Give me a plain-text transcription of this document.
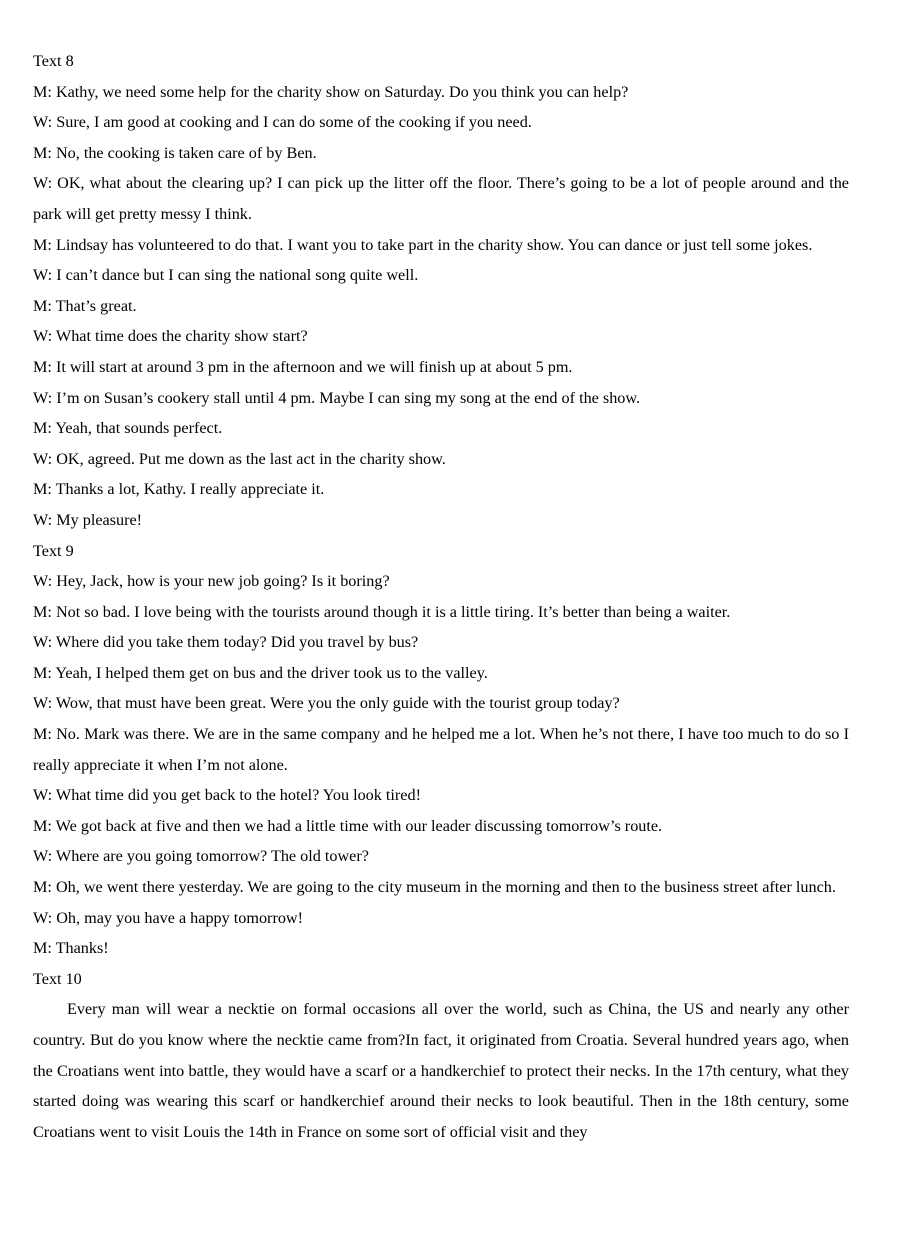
Text 8
M: Kathy, we need some help for the charity show on Saturday. Do you think you can help?
W: Sure, I am good at cooking and I can do some of the cooking if you need.
M: No, the cooking is taken care of by Ben.
W: OK, what about the clearing up? I can pick up the litter off the floor. There’s going to be a lot of people around and the park will get pretty messy I think.
M: Lindsay has volunteered to do that. I want you to take part in the charity show. You can dance or just tell some jokes.
W: I can’t dance but I can sing the national song quite well.
M: That’s great.
W: What time does the charity show start?
M: It will start at around 3 pm in the afternoon and we will finish up at about 5 pm.
W: I’m on Susan’s cookery stall until 4 pm. Maybe I can sing my song at the end of the show.
M: Yeah, that sounds perfect.
W: OK, agreed. Put me down as the last act in the charity show.
M: Thanks a lot, Kathy. I really appreciate it.
W: My pleasure!
Text 9
W: Hey, Jack, how is your new job going? Is it boring?
M: Not so bad. I love being with the tourists around though it is a little tiring. It’s better than being a waiter.
W: Where did you take them today? Did you travel by bus?
M: Yeah, I helped them get on bus and the driver took us to the valley.
W: Wow, that must have been great. Were you the only guide with the tourist group today?
M: No. Mark was there. We are in the same company and he helped me a lot. When he’s not there, I have too much to do so I really appreciate it when I’m not alone.
W: What time did you get back to the hotel? You look tired!
M: We got back at five and then we had a little time with our leader discussing tomorrow’s route.
W: Where are you going tomorrow? The old tower?
M: Oh, we went there yesterday. We are going to the city museum in the morning and then to the business street after lunch.
W: Oh, may you have a happy tomorrow!
M: Thanks!
Text 10
Every man will wear a necktie on formal occasions all over the world, such as China, the US and nearly any other country. But do you know where the necktie came from?In fact, it originated from Croatia. Several hundred years ago, when the Croatians went into battle, they would have a scarf or a handkerchief to protect their necks. In the 17th century, what they started doing was wearing this scarf or handkerchief around their necks to look beautiful. Then in the 18th century, some Croatians went to visit Louis the 14th in France on some sort of official visit and they
